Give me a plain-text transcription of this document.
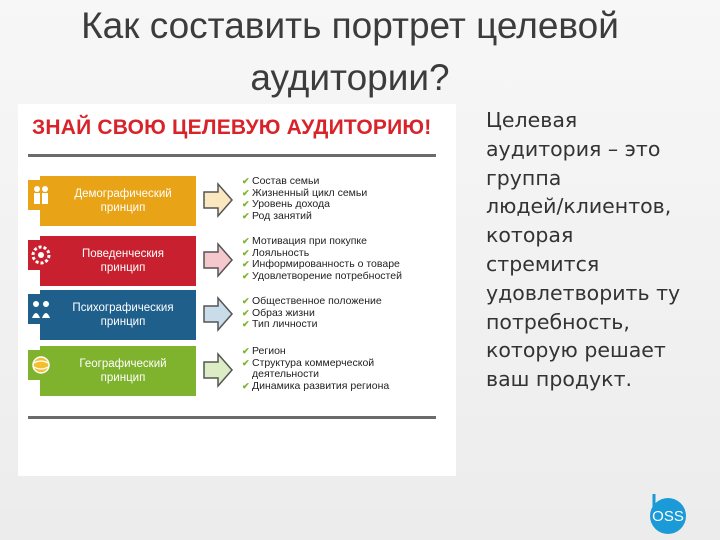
Как составить портрет целевой
аудитории?
ЗНАЙ СВОЮ ЦЕЛЕВУЮ АУДИТОРИЮ!
Демографический
принцип
✔ Состав семьи
✔ Жизненный цикл семьи
✔ Уровень дохода
✔ Род занятий
Поведенческия
принцип
✔ Мотивация при покупке
✔ Лояльность
✔ Информированность о товаре
✔ Удовлетворение потребностей
Психографическия
принцип
✔ Общественное положение
✔ Образ жизни
✔ Тип личности
Географический
принцип
✔ Регион
✔ Структура коммерческой
деятельности
✔ Динамика развития региона
Целевая
аудитория – это
группа
людей/клиентов,
которая
стремится
удовлетворить ту
потребность,
которую решает
ваш продукт.
OSS
